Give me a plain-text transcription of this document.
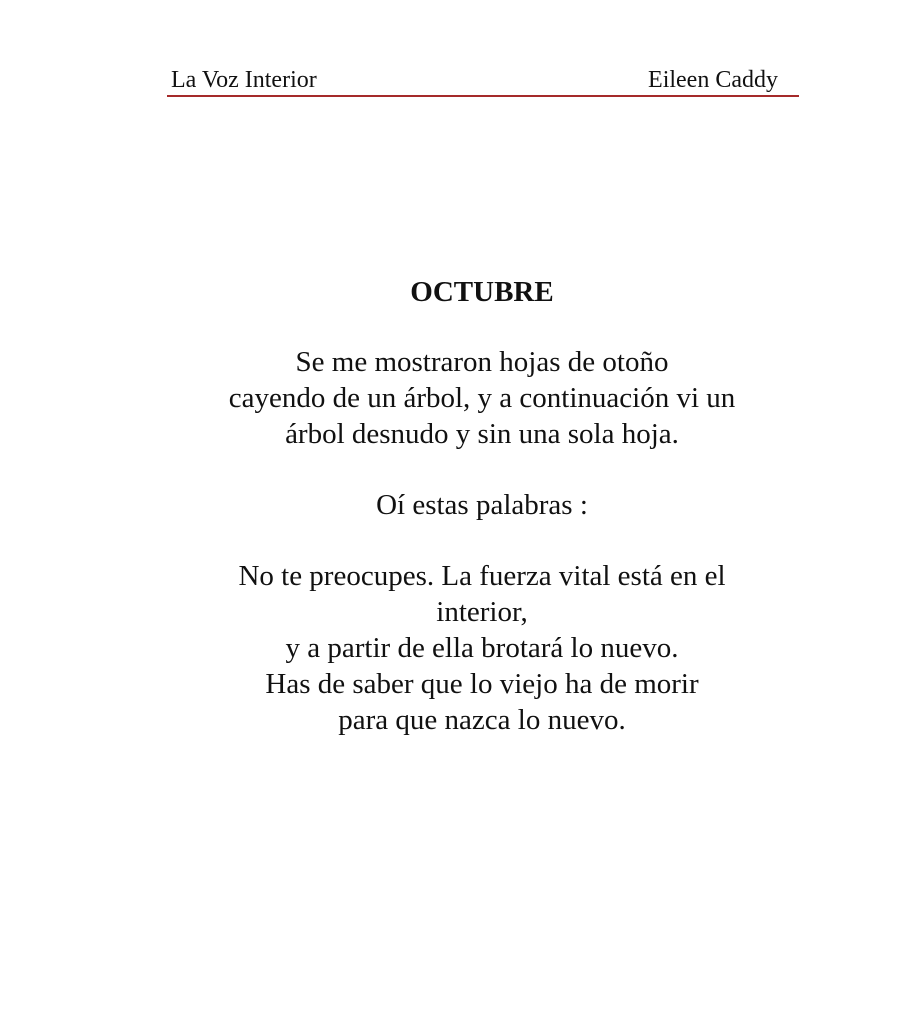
La Voz Interior	Eileen Caddy
OCTUBRE
Se me mostraron hojas de otoño
cayendo de un árbol, y a continuación vi un
árbol desnudo y sin una sola hoja.
Oí estas palabras :
No te preocupes. La fuerza vital está en el
interior,
y a partir de ella brotará lo nuevo.
Has de saber que lo viejo ha de morir
para que nazca lo nuevo.
